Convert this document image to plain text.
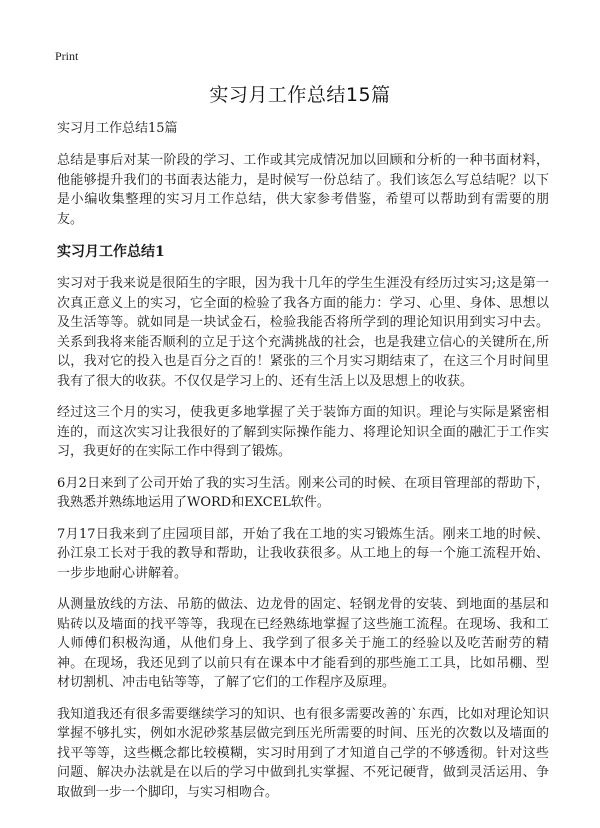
Print
实习月工作总结15篇
实习月工作总结15篇

总结是事后对某一阶段的学习、工作或其完成情况加以回顾和分析的一种书面材料，他能够提升我们的书面表达能力，是时候写一份总结了。我们该怎么写总结呢？以下是小编收集整理的实习月工作总结，供大家参考借鉴，希望可以帮助到有需要的朋友。

实习月工作总结1

实习对于我来说是很陌生的字眼，因为我十几年的学生生涯没有经历过实习;这是第一次真正意义上的实习，它全面的检验了我各方面的能力：学习、心里、身体、思想以及生活等等。就如同是一块试金石，检验我能否将所学到的理论知识用到实习中去。关系到我将来能否顺利的立足于这个充满挑战的社会，也是我建立信心的关键所在,所以，我对它的投入也是百分之百的！紧张的三个月实习期结束了，在这三个月时间里我有了很大的收获。不仅仅是学习上的、还有生活上以及思想上的收获。

经过这三个月的实习，使我更多地掌握了关于装饰方面的知识。理论与实际是紧密相连的，而这次实习让我很好的了解到实际操作能力、将理论知识全面的融汇于工作实习，我更好的在实际工作中得到了锻炼。

6月2日来到了公司开始了我的实习生活。刚来公司的时候、在项目管理部的帮助下，我熟悉并熟练地运用了WORD和EXCEL软件。

7月17日我来到了庄园项目部，开始了我在工地的实习锻炼生活。刚来工地的时候、孙江泉工长对于我的教导和帮助，让我收获很多。从工地上的每一个施工流程开始、一步步地耐心讲解着。

从测量放线的方法、吊筋的做法、边龙骨的固定、轻钢龙骨的安装、到地面的基层和贴砖以及墙面的找平等等，我现在已经熟练地掌握了这些施工流程。在现场、我和工人师傅们积极沟通，从他们身上、我学到了很多关于施工的经验以及吃苦耐劳的精神。在现场，我还见到了以前只有在课本中才能看到的那些施工工具，比如吊棚、型材切割机、冲击电钻等等，了解了它们的工作程序及原理。

我知道我还有很多需要继续学习的知识、也有很多需要改善的`东西，比如对理论知识掌握不够扎实，例如水泥砂浆基层做完到压光所需要的时间、压光的次数以及墙面的找平等等，这些概念都比较模糊，实习时用到了才知道自己学的不够透彻。针对这些问题、解决办法就是在以后的学习中做到扎实掌握、不死记硬背，做到灵活运用、争取做到一步一个脚印，与实习相吻合。
